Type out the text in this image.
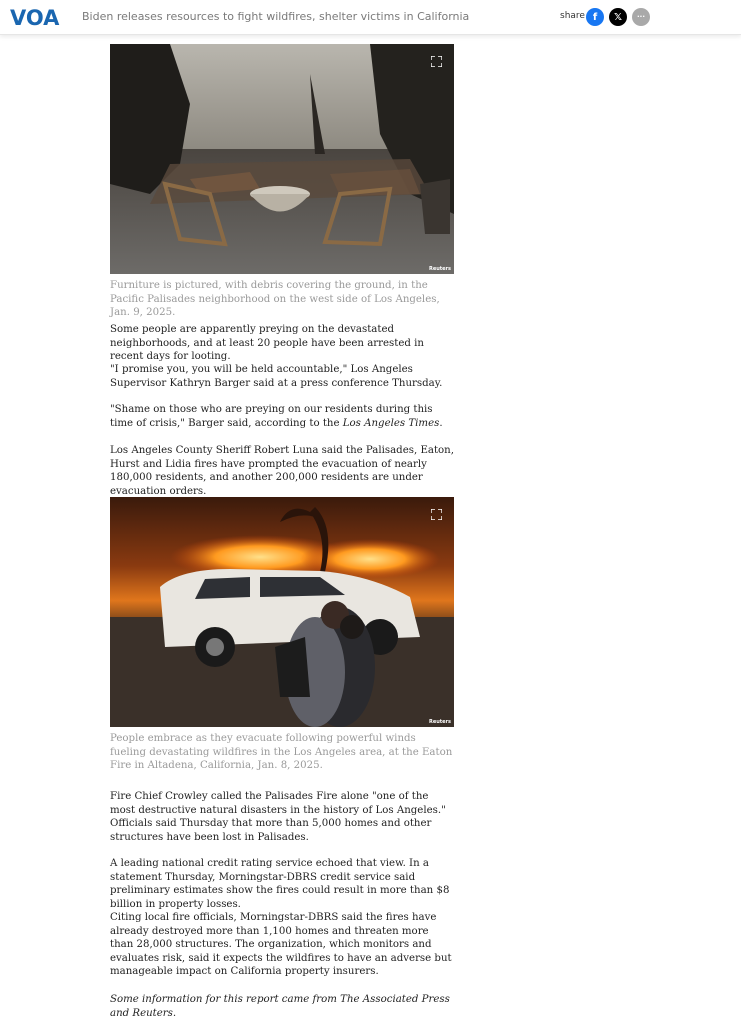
VOA Biden releases resources to fight wildfires, shelter victims in California	share f 𝕏 ···
Reuters
Furniture is pictured, with debris covering the ground, in the Pacific Palisades neighborhood on the west side of Los Angeles, Jan. 9, 2025.

Some people are apparently preying on the devastated neighborhoods, and at least 20 people have been arrested in recent days for looting.

"I promise you, you will be held accountable," Los Angeles Supervisor Kathryn Barger said at a press conference Thursday.

"Shame on those who are preying on our residents during this time of crisis," Barger said, according to the Los Angeles Times.

Los Angeles County Sheriff Robert Luna said the Palisades, Eaton, Hurst and Lidia fires have prompted the evacuation of nearly 180,000 residents, and another 200,000 residents are under evacuation orders.

Reuters
People embrace as they evacuate following powerful winds fueling devastating wildfires in the Los Angeles area, at the Eaton Fire in Altadena, California, Jan. 8, 2025.

Fire Chief Crowley called the Palisades Fire alone "one of the most destructive natural disasters in the history of Los Angeles." Officials said Thursday that more than 5,000 homes and other structures have been lost in Palisades.

A leading national credit rating service echoed that view. In a statement Thursday, Morningstar-DBRS credit service said preliminary estimates show the fires could result in more than $8 billion in property losses.

Citing local fire officials, Morningstar-DBRS said the fires have already destroyed more than 1,100 homes and threaten more than 28,000 structures. The organization, which monitors and evaluates risk, said it expects the wildfires to have an adverse but manageable impact on California property insurers.

Some information for this report came from The Associated Press and Reuters.
